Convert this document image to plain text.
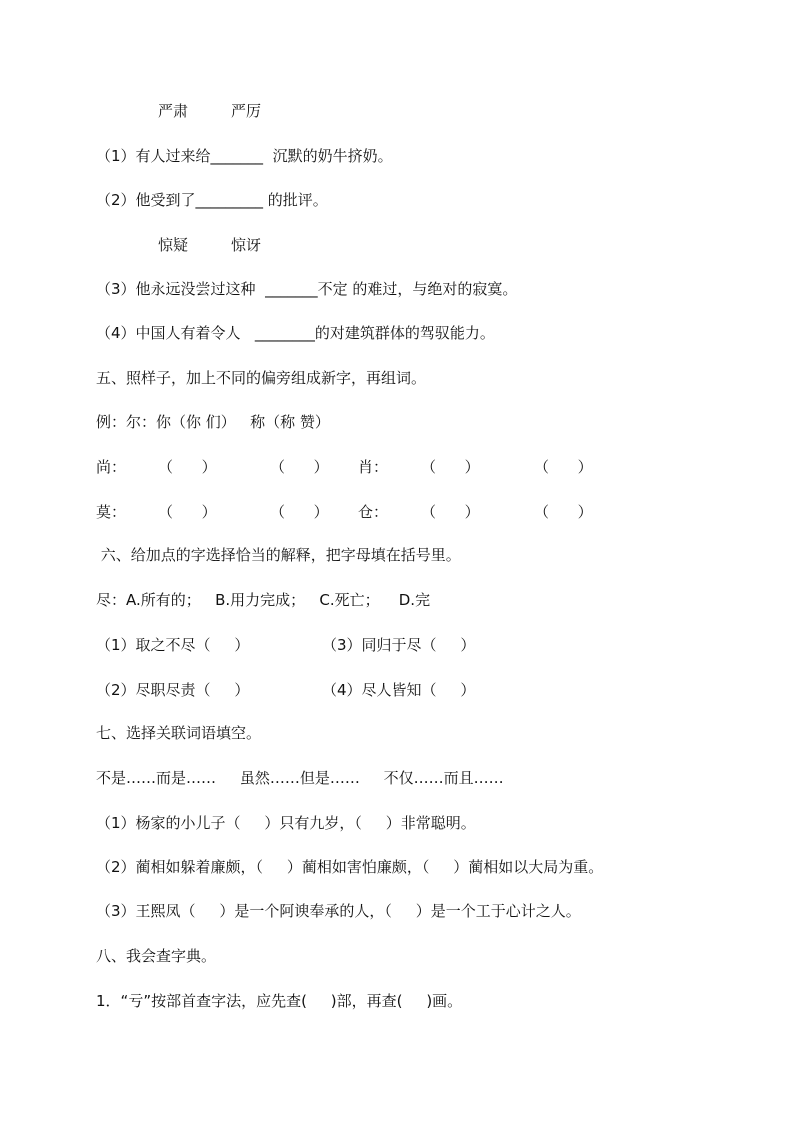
严肃	严厉
（1）有人过来给_______  沉默的奶牛挤奶。
（2）他受到了_________ 的批评。
惊疑	惊讶
（3）他永远没尝过这种  _______不定 的难过，与绝对的寂寞。
（4）中国人有着令人   ________的对建筑群体的驾驭能力。
五、照样子，加上不同的偏旁组成新字，再组词。
例：尔：你（你 们）   称（称 赞）
尚： （      ）	（      ） 肖： （      ）	（      ）
莫： （      ）	（      ） 仓： （      ）	（      ）
六、给加点的字选择恰当的解释，把字母填在括号里。
尽：A.所有的；   B.用力完成；   C.死亡；    D.完
（1）取之不尽（     ）	（3）同归于尽（     ）
（2）尽职尽责（     ）	（4）尽人皆知（     ）
七、选择关联词语填空。
不是……而是……     虽然……但是……     不仅……而且……
（1）杨家的小儿子（     ）只有九岁，（     ）非常聪明。
（2）蔺相如躲着廉颇，（     ）蔺相如害怕廉颇，（     ）蔺相如以大局为重。
（3）王熙凤（     ）是一个阿谀奉承的人，（     ）是一个工于心计之人。
八、我会查字典。
1．“亏”按部首查字法，应先查(     )部，再查(     )画。
